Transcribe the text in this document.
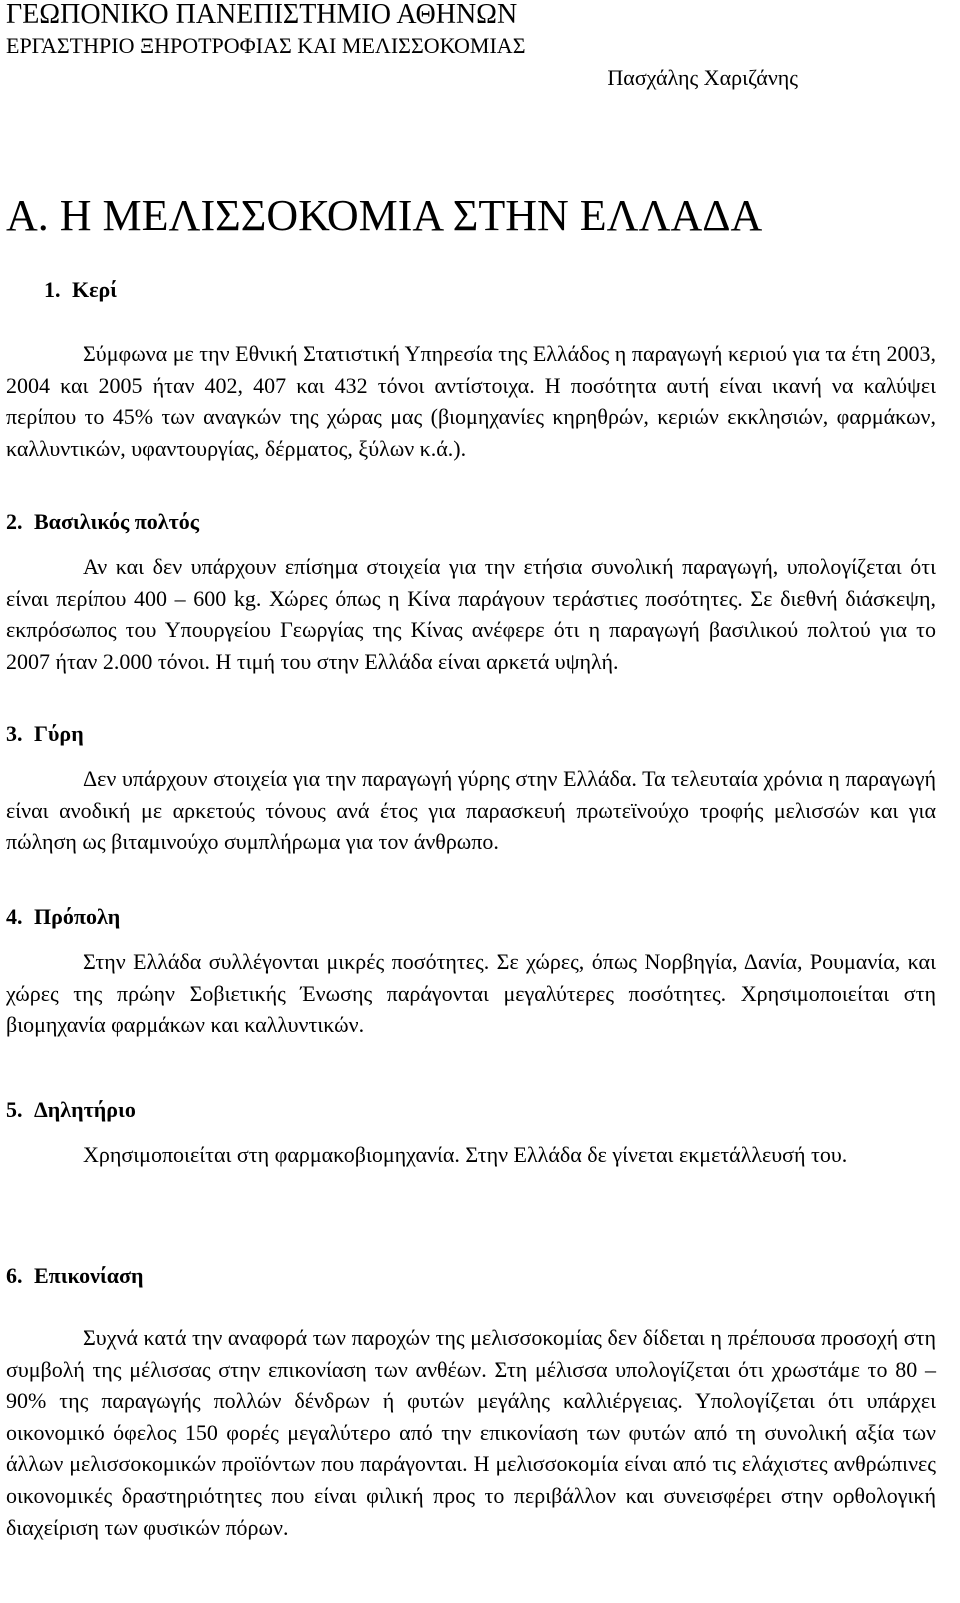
ΓΕΩΠΟΝΙΚΟ ΠΑΝΕΠΙΣΤΗΜΙΟ ΑΘΗΝΩΝ
ΕΡΓΑΣΤΗΡΙΟ ΞΗΡΟΤΡΟΦΙΑΣ ΚΑΙ ΜΕΛΙΣΣΟΚΟΜΙΑΣ
Πασχάλης Χαριζάνης
Α. Η ΜΕΛΙΣΣΟΚΟΜΙΑ ΣΤΗΝ ΕΛΛΑΔΑ
1. Κερί

Σύμφωνα με την Εθνική Στατιστική Υπηρεσία της Ελλάδος η παραγωγή κεριού για τα έτη 2003, 2004 και 2005 ήταν 402, 407 και 432 τόνοι αντίστοιχα. Η ποσότητα αυτή είναι ικανή να καλύψει περίπου το 45% των αναγκών της χώρας μας (βιομηχανίες κηρηθρών, κεριών εκκλησιών, φαρμάκων, καλλυντικών, υφαντουργίας, δέρματος, ξύλων κ.ά.).

2. Βασιλικός πολτός

Αν και δεν υπάρχουν επίσημα στοιχεία για την ετήσια συνολική παραγωγή, υπολογίζεται ότι είναι περίπου 400 – 600 kg. Χώρες όπως η Κίνα παράγουν τεράστιες ποσότητες. Σε διεθνή διάσκεψη, εκπρόσωπος του Υπουργείου Γεωργίας της Κίνας ανέφερε ότι η παραγωγή βασιλικού πολτού για το 2007 ήταν 2.000 τόνοι. Η τιμή του στην Ελλάδα είναι αρκετά υψηλή.

3. Γύρη

Δεν υπάρχουν στοιχεία για την παραγωγή γύρης στην Ελλάδα. Τα τελευταία χρόνια η παραγωγή είναι ανοδική με αρκετούς τόνους ανά έτος για παρασκευή πρωτεϊνούχο τροφής μελισσών και για πώληση ως βιταμινούχο συμπλήρωμα για τον άνθρωπο.

4. Πρόπολη

Στην Ελλάδα συλλέγονται μικρές ποσότητες. Σε χώρες, όπως Νορβηγία, Δανία, Ρουμανία, και χώρες της πρώην Σοβιετικής Ένωσης παράγονται μεγαλύτερες ποσότητες. Χρησιμοποιείται στη βιομηχανία φαρμάκων και καλλυντικών.

5. Δηλητήριο

Χρησιμοποιείται στη φαρμακοβιομηχανία. Στην Ελλάδα δε γίνεται εκμετάλλευσή του.

6. Επικονίαση

Συχνά κατά την αναφορά των παροχών της μελισσοκομίας δεν δίδεται η πρέπουσα προσοχή στη συμβολή της μέλισσας στην επικονίαση των ανθέων. Στη μέλισσα υπολογίζεται ότι χρωστάμε το 80 –90% της παραγωγής πολλών δένδρων ή φυτών μεγάλης καλλιέργειας. Υπολογίζεται ότι υπάρχει οικονομικό όφελος 150 φορές μεγαλύτερο από την επικονίαση των φυτών από τη συνολική αξία των άλλων μελισσοκομικών προϊόντων που παράγονται. Η μελισσοκομία είναι από τις ελάχιστες ανθρώπινες οικονομικές δραστηριότητες που είναι φιλική προς το περιβάλλον και συνεισφέρει στην ορθολογική διαχείριση των φυσικών πόρων.
